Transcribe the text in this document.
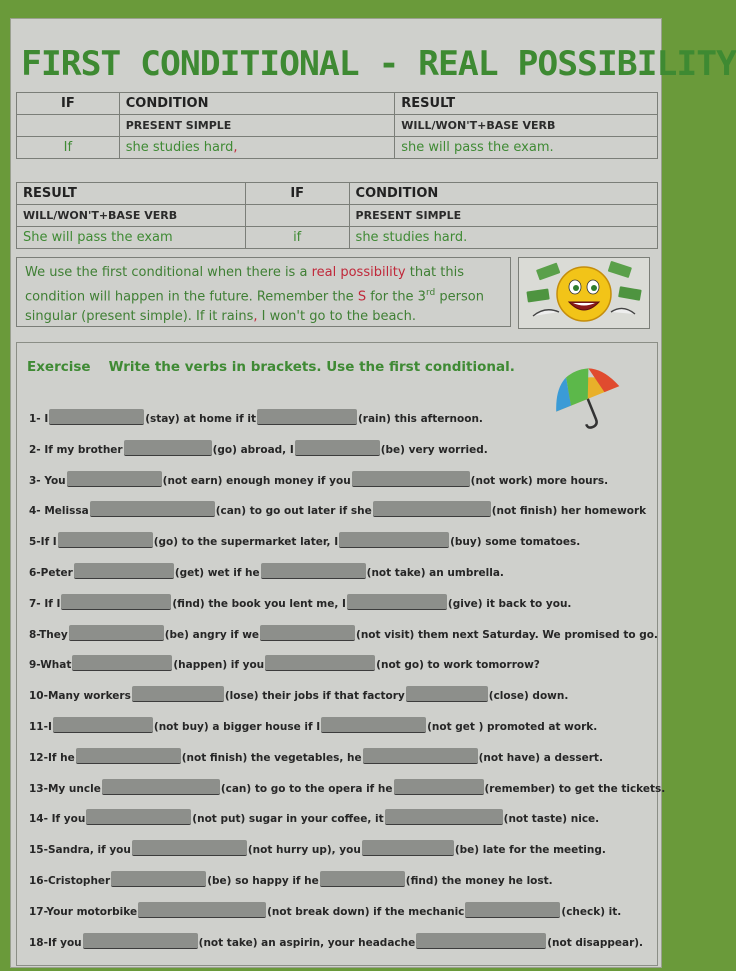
FIRST CONDITIONAL - REAL POSSIBILITY
IF	CONDITION	RESULT
	PRESENT SIMPLE	WILL/WON'T+BASE VERB
If	she studies hard,	she will pass the exam.
RESULT	IF	CONDITION
WILL/WON'T+BASE VERB		PRESENT SIMPLE
She will pass the exam	if	she studies hard.
We use the first conditional when there is a real possibility that this condition will happen in the future. Remember the S for the 3rd person singular (present simple). If it rains, I won't go to the beach.
Exercise Write the verbs in brackets. Use the first conditional.
1- I	(stay) at home if it	(rain) this afternoon.
2- If my brother	(go) abroad, I	(be) very worried.
3- You	(not earn) enough money if you	(not work) more hours.
4- Melissa	(can) to go out later if she	(not finish) her homework
5-If I	(go) to the supermarket later, I	(buy) some tomatoes.
6-Peter	(get) wet if he	(not take) an umbrella.
7- If I	(find) the book you lent me, I	(give) it back to you.
8-They	(be) angry if we	(not visit) them next Saturday. We promised to go.
9-What	(happen) if you	(not go) to work tomorrow?
10-Many workers	(lose) their jobs if that factory	(close) down.
11-I	(not buy) a bigger house if I	(not get ) promoted at work.
12-If he	(not finish) the vegetables, he	(not have) a dessert.
13-My uncle	(can) to go to the opera if he	(remember) to get the tickets.
14- If you	(not put) sugar in your coffee, it	(not taste) nice.
15-Sandra, if you	(not hurry up), you	(be) late for the meeting.
16-Cristopher	(be) so happy if he	(find) the money he lost.
17-Your motorbike	(not break down) if the mechanic	(check) it.
18-If you	(not take) an aspirin, your headache	(not disappear).
